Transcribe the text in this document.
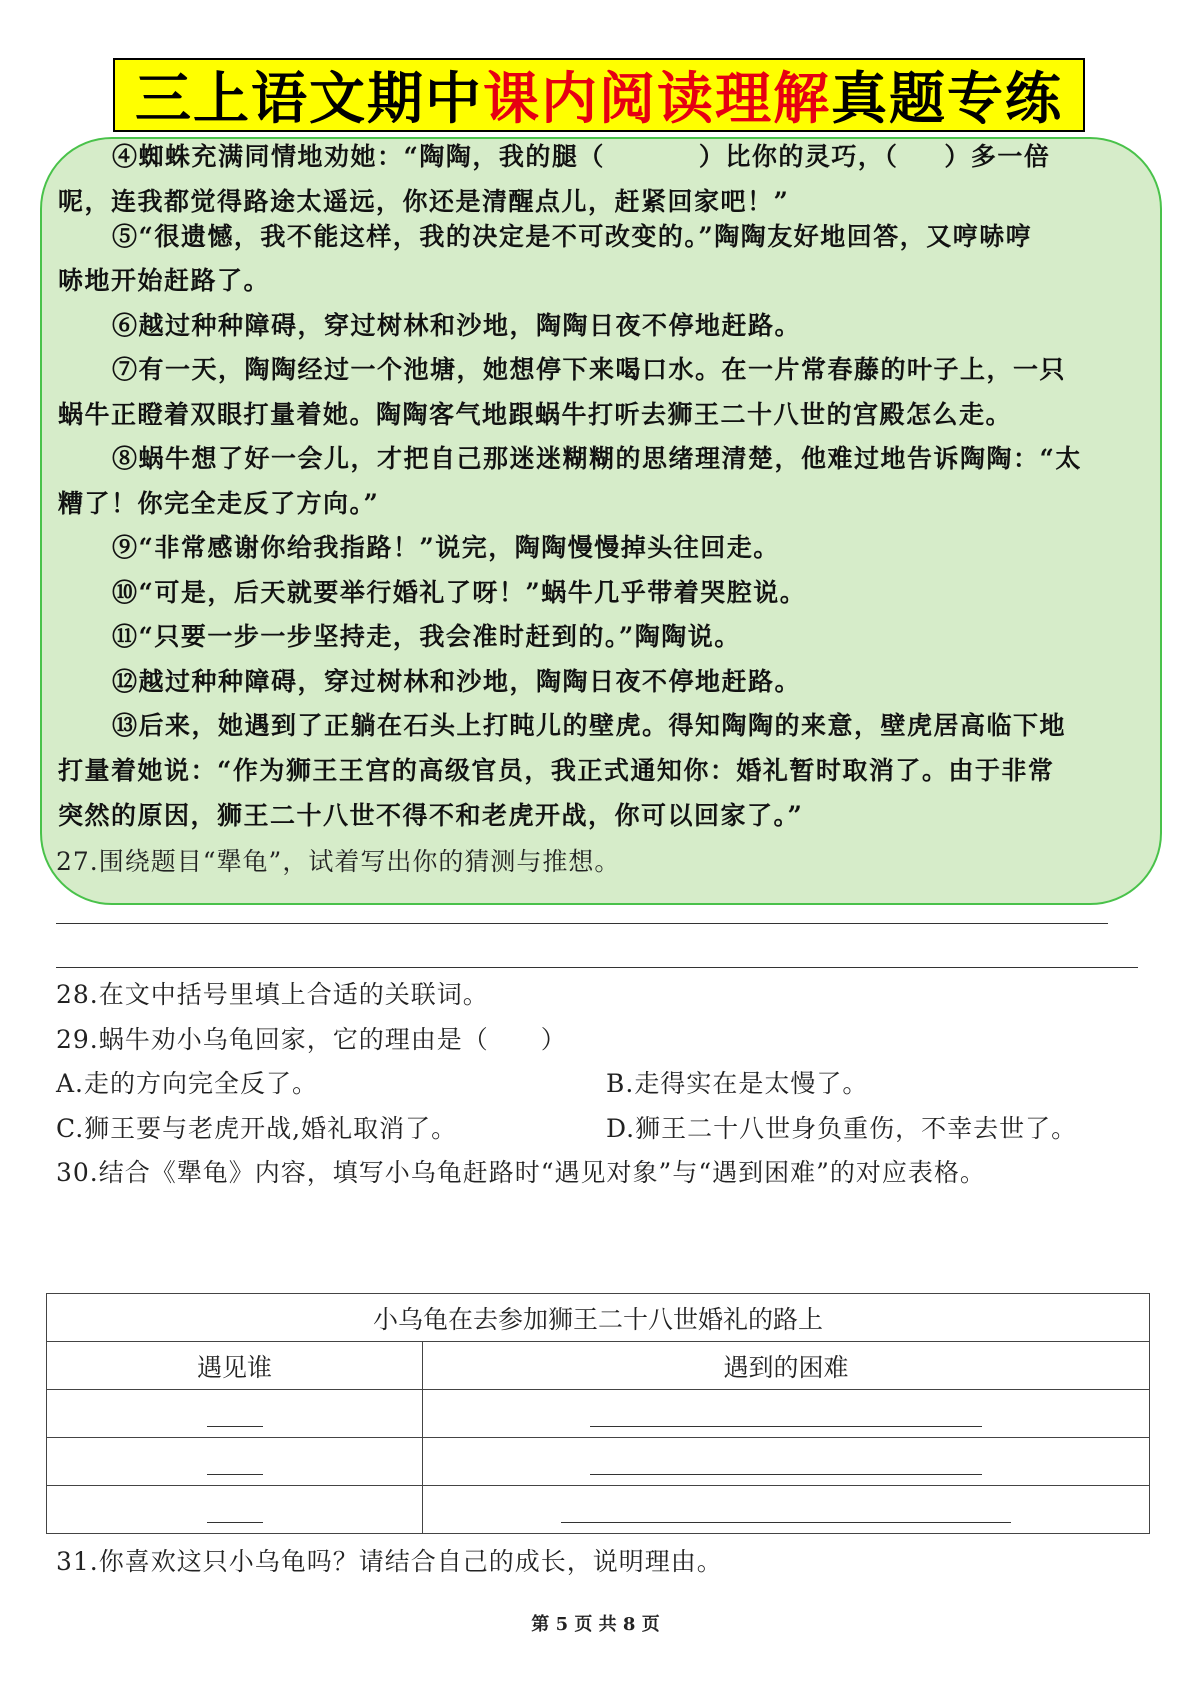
三上语文期中 课内阅读理解 真题专练
④蜘蛛充满同情地劝她：“陶陶，我的腿（	）比你的灵巧，（ ）多一倍
呢，连我都觉得路途太遥远，你还是清醒点儿，赶紧回家吧！”
⑤“很遗憾，我不能这样，我的决定是不可改变的。”陶陶友好地回答，又哼哧哼
哧地开始赶路了。
⑥越过种种障碍，穿过树林和沙地，陶陶日夜不停地赶路。
⑦有一天，陶陶经过一个池塘，她想停下来喝口水。在一片常春藤的叶子上，一只
蜗牛正瞪着双眼打量着她。陶陶客气地跟蜗牛打听去狮王二十八世的宫殿怎么走。
⑧蜗牛想了好一会儿，才把自己那迷迷糊糊的思绪理清楚，他难过地告诉陶陶：“太
糟了！你完全走反了方向。”
⑨“非常感谢你给我指路！”说完，陶陶慢慢掉头往回走。
⑩“可是，后天就要举行婚礼了呀！”蜗牛几乎带着哭腔说。
⑪“只要一步一步坚持走，我会准时赶到的。”陶陶说。
⑫越过种种障碍，穿过树林和沙地，陶陶日夜不停地赶路。
⑬后来，她遇到了正躺在石头上打盹儿的壁虎。得知陶陶的来意，壁虎居高临下地
打量着她说：“作为狮王王宫的高级官员，我正式通知你：婚礼暂时取消了。由于非常
突然的原因，狮王二十八世不得不和老虎开战，你可以回家了。”
27.围绕题目“犟龟”，试着写出你的猜测与推想。
28.在文中括号里填上合适的关联词。
29.蜗牛劝小乌龟回家，它的理由是（　　）
A.走的方向完全反了。	B.走得实在是太慢了。
C.狮王要与老虎开战,婚礼取消了。	D.狮王二十八世身负重伤，不幸去世了。
30.结合《犟龟》内容，填写小乌龟赶路时“遇见对象”与“遇到困难”的对应表格。
小乌龟在去参加狮王二十八世婚礼的路上	
遇见谁	遇到的困难

31.你喜欢这只小乌龟吗？请结合自己的成长，说明理由。
第 5 页 共 8 页
